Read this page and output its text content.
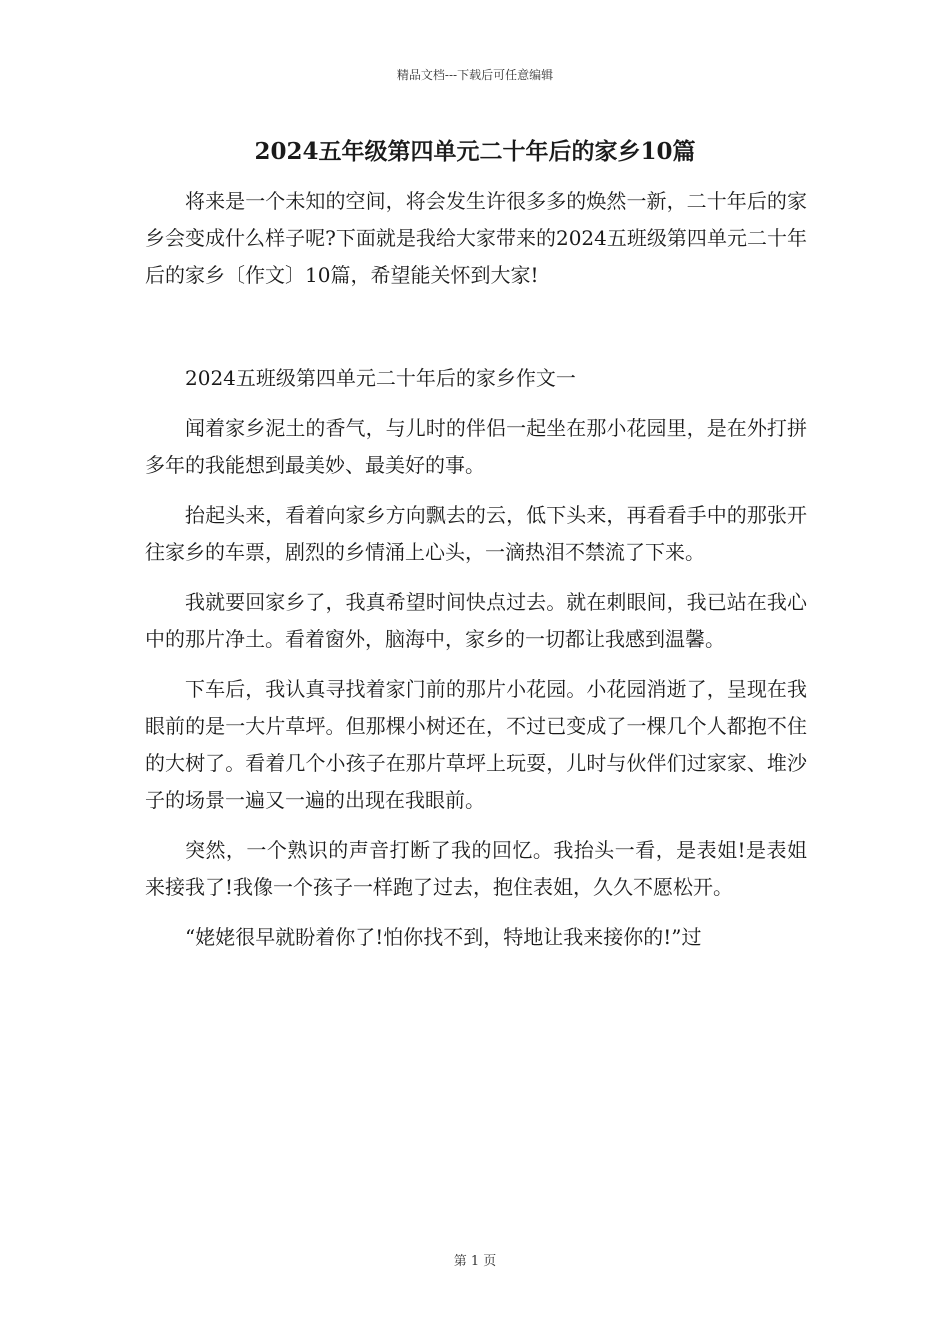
精品文档---下载后可任意编辑
2024五年级第四单元二十年后的家乡10篇

将来是一个未知的空间，将会发生许很多多的焕然一新，二十年后的家乡会变成什么样子呢?下面就是我给大家带来的2024五班级第四单元二十年后的家乡〔作文〕10篇，希望能关怀到大家!

2024五班级第四单元二十年后的家乡作文一

闻着家乡泥土的香气，与儿时的伴侣一起坐在那小花园里，是在外打拼多年的我能想到最美妙、最美好的事。

抬起头来，看着向家乡方向飘去的云，低下头来，再看看手中的那张开往家乡的车票，剧烈的乡情涌上心头，一滴热泪不禁流了下来。

我就要回家乡了，我真希望时间快点过去。就在刺眼间，我已站在我心中的那片净土。看着窗外，脑海中，家乡的一切都让我感到温馨。

下车后，我认真寻找着家门前的那片小花园。小花园消逝了，呈现在我眼前的是一大片草坪。但那棵小树还在，不过已变成了一棵几个人都抱不住的大树了。看着几个小孩子在那片草坪上玩耍，儿时与伙伴们过家家、堆沙子的场景一遍又一遍的出现在我眼前。

突然，一个熟识的声音打断了我的回忆。我抬头一看，是表姐!是表姐来接我了!我像一个孩子一样跑了过去，抱住表姐，久久不愿松开。

“姥姥很早就盼着你了!怕你找不到，特地让我来接你的!”过

第 1 页
